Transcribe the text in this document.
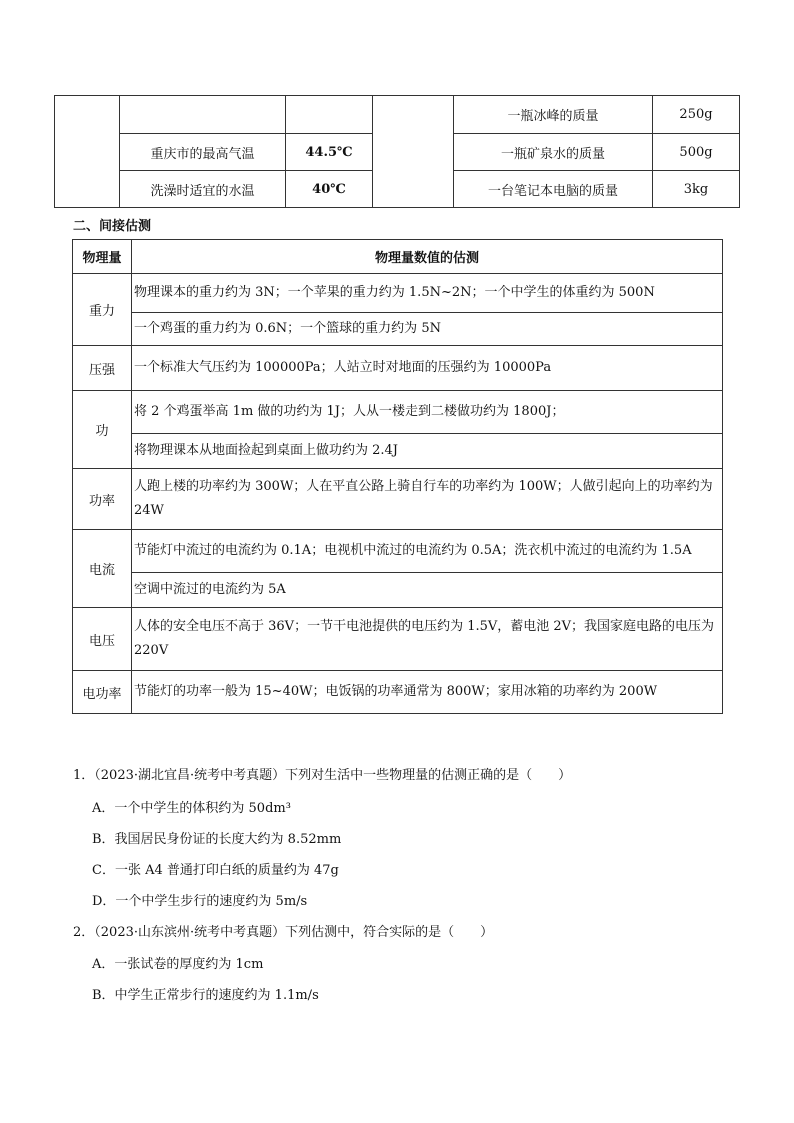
				一瓶冰峰的质量	250g
	重庆市的最高气温	44.5℃		一瓶矿泉水的质量	500g
	洗澡时适宜的水温	40℃		一台笔记本电脑的质量	3kg
二、间接估测
物理量	物理量数值的估测
重力	物理课本的重力约为 3N；一个苹果的重力约为 1.5N~2N；一个中学生的体重约为 500N
	一个鸡蛋的重力约为 0.6N；一个篮球的重力约为 5N
压强	一个标准大气压约为 100000Pa；人站立时对地面的压强约为 10000Pa
功	将 2 个鸡蛋举高 1m 做的功约为 1J；人从一楼走到二楼做功约为 1800J；
	将物理课本从地面捡起到桌面上做功约为 2.4J
功率	人跑上楼的功率约为 300W；人在平直公路上骑自行车的功率约为 100W；人做引起向上的功率约为 24W
电流	节能灯中流过的电流约为 0.1A；电视机中流过的电流约为 0.5A；洗衣机中流过的电流约为 1.5A
	空调中流过的电流约为 5A
电压	人体的安全电压不高于 36V；一节干电池提供的电压约为 1.5V，蓄电池 2V；我国家庭电路的电压为 220V
电功率	节能灯的功率一般为 15~40W；电饭锅的功率通常为 800W；家用冰箱的功率约为 200W
1．（2023·湖北宜昌·统考中考真题）下列对生活中一些物理量的估测正确的是（　　）
A．一个中学生的体积约为 50dm³
B．我国居民身份证的长度大约为 8.52mm
C．一张 A4 普通打印白纸的质量约为 47g
D．一个中学生步行的速度约为 5m/s
2．（2023·山东滨州·统考中考真题）下列估测中，符合实际的是（　　）
A．一张试卷的厚度约为 1cm
B．中学生正常步行的速度约为 1.1m/s
